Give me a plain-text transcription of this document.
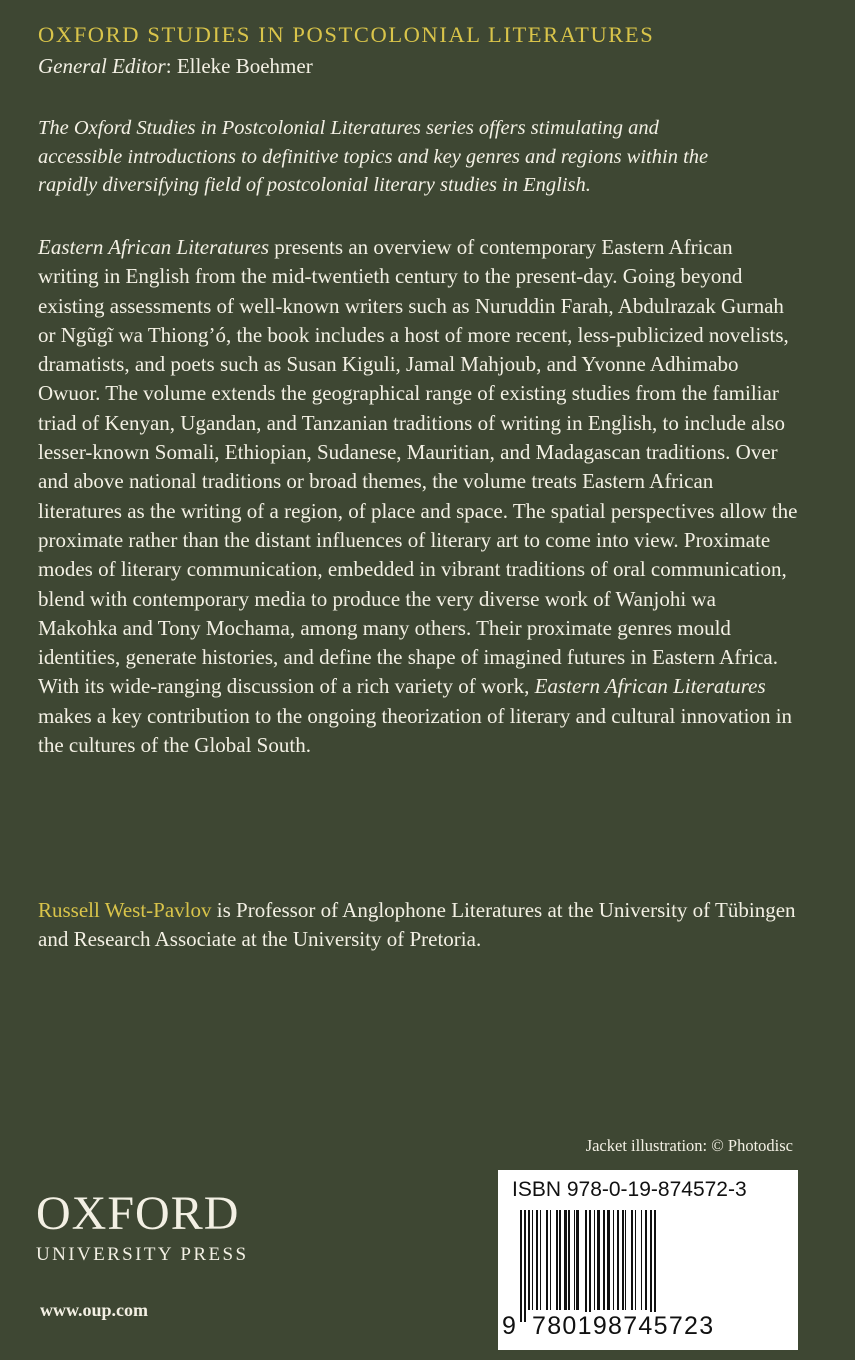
OXFORD STUDIES IN POSTCOLONIAL LITERATURES
General Editor: Elleke Boehmer
The Oxford Studies in Postcolonial Literatures series offers stimulating and accessible introductions to definitive topics and key genres and regions within the rapidly diversifying field of postcolonial literary studies in English.

Eastern African Literatures presents an overview of contemporary Eastern African writing in English from the mid-twentieth century to the present-day. Going beyond existing assessments of well-known writers such as Nuruddin Farah, Abdulrazak Gurnah or Ngũgĩ wa Thiong’ó, the book includes a host of more recent, less-publicized novelists, dramatists, and poets such as Susan Kiguli, Jamal Mahjoub, and Yvonne Adhimabo Owuor. The volume extends the geographical range of existing studies from the familiar triad of Kenyan, Ugandan, and Tanzanian traditions of writing in English, to include also lesser-known Somali, Ethiopian, Sudanese, Mauritian, and Madagascan traditions. Over and above national traditions or broad themes, the volume treats Eastern African literatures as the writing of a region, of place and space. The spatial perspectives allow the proximate rather than the distant influences of literary art to come into view. Proximate modes of literary communication, embedded in vibrant traditions of oral communication, blend with contemporary media to produce the very diverse work of Wanjohi wa Makohka and Tony Mochama, among many others. Their proximate genres mould identities, generate histories, and define the shape of imagined futures in Eastern Africa. With its wide-ranging discussion of a rich variety of work, Eastern African Literatures makes a key contribution to the ongoing theorization of literary and cultural innovation in the cultures of the Global South.

Russell West-Pavlov is Professor of Anglophone Literatures at the University of Tübingen and Research Associate at the University of Pretoria.
Jacket illustration: © Photodisc
OXFORD
UNIVERSITY PRESS
www.oup.com
ISBN 978-0-19-874572-3
9 780198745723
